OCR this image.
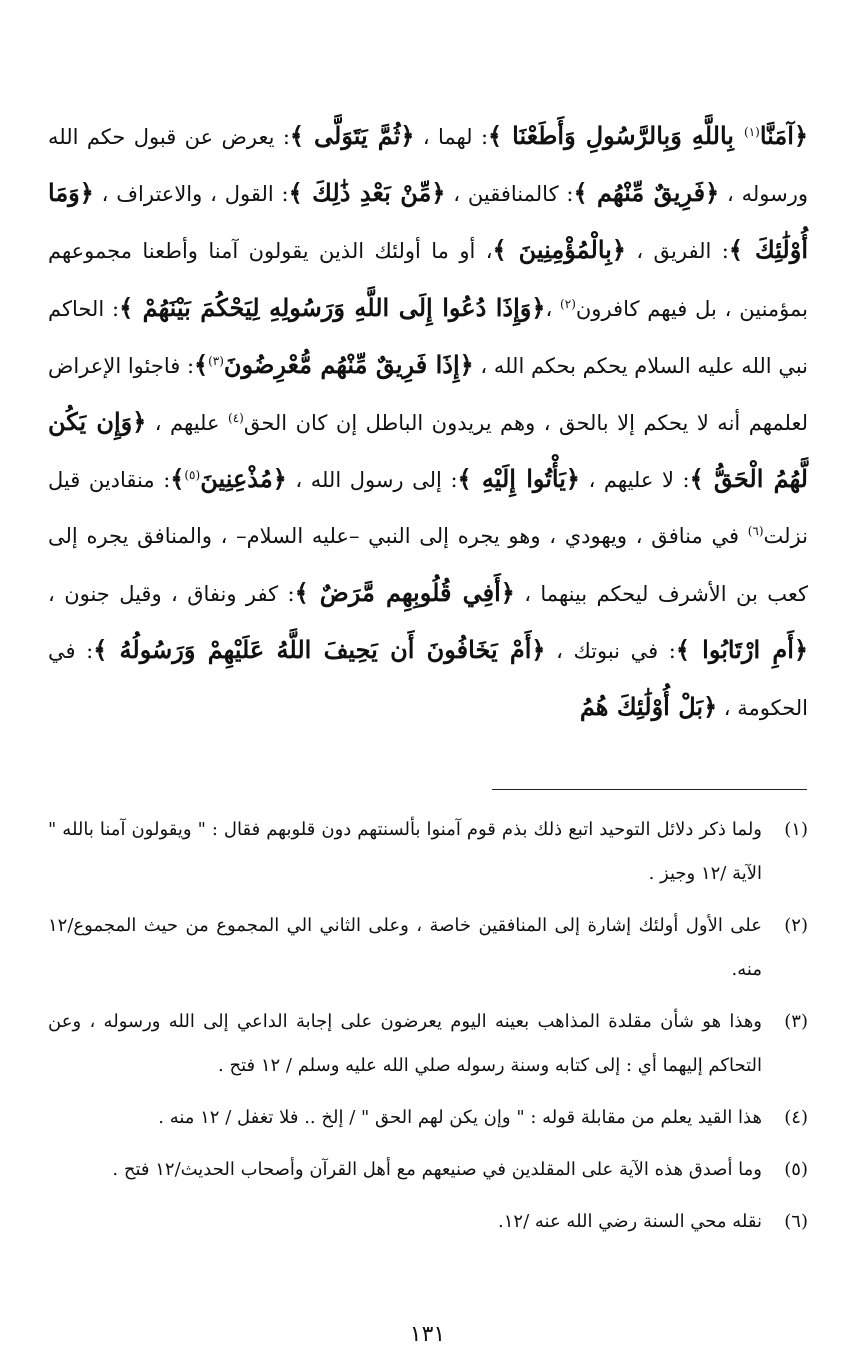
﴿آمَنَّا$^{(١)}$ بِاللَّهِ وَبِالرَّسُولِ وَأَطَعْنَا ﴾: لهما ، ﴿ثُمَّ يَتَوَلَّى ﴾: يعرض عن قبول حكم الله ورسوله ، ﴿فَرِيقٌ مِّنْهُم ﴾: كالمنافقين ، ﴿مِّنْ بَعْدِ ذَٰلِكَ ﴾: القول ، والاعتراف ، ﴿وَمَا أُوْلَٰئِكَ ﴾: الفريق ، ﴿بِالْمُؤْمِنِينَ ﴾، أو ما أولئك الذين يقولون آمنا وأطعنا مجموعهم بمؤمنين ، بل فيهم كافرون$^{(٢)}$ ،﴿وَإِذَا دُعُوا إِلَى اللَّهِ وَرَسُولِهِ لِيَحْكُمَ بَيْنَهُمْ ﴾: الحاكم نبي الله عليه السلام يحكم بحكم الله ، ﴿إِذَا فَرِيقٌ مِّنْهُم مُّعْرِضُونَ$^{(٣)}$﴾: فاجئوا الإعراض لعلمهم أنه لا يحكم إلا بالحق ، وهم يريدون الباطل إن كان الحق$^{(٤)}$ عليهم ، ﴿وَإِن يَكُن لَّهُمُ الْحَقُّ ﴾: لا عليهم ، ﴿يَأْتُوا إِلَيْهِ ﴾: إلى رسول الله ، ﴿مُذْعِنِينَ$^{(٥)}$﴾: منقادين قيل نزلت$^{(٦)}$ في منافق ، ويهودي ، وهو يجره إلى النبي –عليه السلام– ، والمنافق يجره إلى كعب بن الأشرف ليحكم بينهما ، ﴿أَفِي قُلُوبِهِم مَّرَضٌ ﴾: كفر ونفاق ، وقيل جنون ، ﴿أَمِ ارْتَابُوا ﴾: في نبوتك ، ﴿أَمْ يَخَافُونَ أَن يَحِيفَ اللَّهُ عَلَيْهِمْ وَرَسُولُهُ ﴾: في الحكومة ، ﴿بَلْ أُوْلَٰئِكَ هُمُ

(١)ولما ذكر دلائل التوحيد اتبع ذلك بذم قوم آمنوا بألسنتهم دون قلوبهم فقال : " ويقولون آمنا بالله " الآية /١٢ وجيز .

(٢)على الأول أولئك إشارة إلى المنافقين خاصة ، وعلى الثاني الي المجموع من حيث المجموع/١٢ منه.

(٣)وهذا هو شأن مقلدة المذاهب بعينه اليوم يعرضون على إجابة الداعي إلى الله ورسوله ، وعن التحاكم إليهما أي : إلى كتابه وسنة رسوله صلي الله عليه وسلم / ١٢ فتح .

(٤)هذا القيد يعلم من مقابلة قوله : " وإن يكن لهم الحق " / إلخ .. فلا تغفل / ١٢ منه .

(٥)وما أصدق هذه الآية على المقلدين في صنيعهم مع أهل القرآن وأصحاب الحديث/١٢ فتح .

(٦)نقله محي السنة رضي الله عنه /١٢.

١٣١
